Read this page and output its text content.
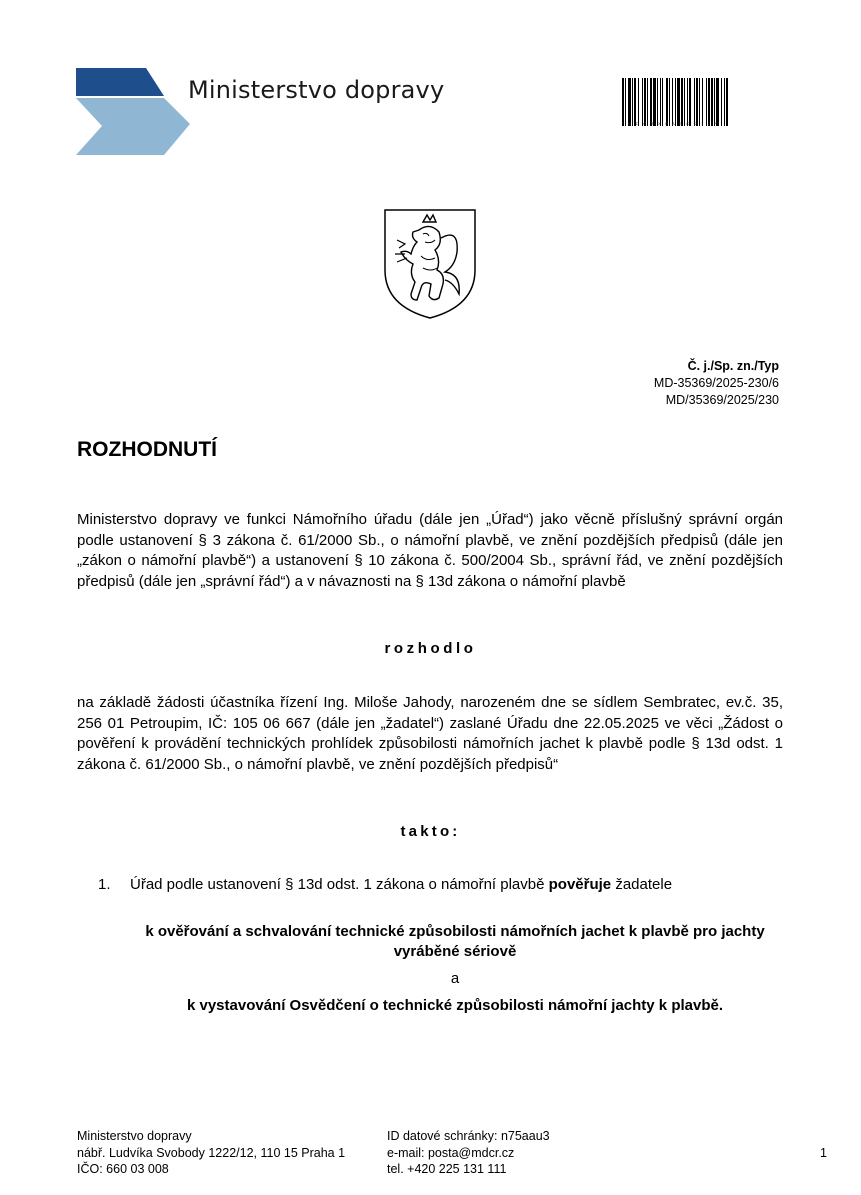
Ministerstvo dopravy
*MDCRX0ABCD12*
Č. j./Sp. zn./Typ
MD-35369/2025-230/6
MD/35369/2025/230
ROZHODNUTÍ
Ministerstvo dopravy ve funkci Námořního úřadu (dále jen „Úřad“) jako věcně příslušný správní orgán podle ustanovení § 3 zákona č. 61/2000 Sb., o námořní plavbě, ve znění pozdějších předpisů (dále jen „zákon o námořní plavbě“) a ustanovení § 10 zákona č. 500/2004 Sb., správní řád, ve znění pozdějších předpisů (dále jen „správní řád“) a v návaznosti na § 13d zákona o námořní plavbě
rozhodlo
na základě žádosti účastníka řízení Ing. Miloše Jahody, narozeném dne se sídlem Sembratec, ev.č. 35, 256 01 Petroupim, IČ: 105 06 667 (dále jen „žadatel“) zaslané Úřadu dne 22.05.2025 ve věci „Žádost o pověření k provádění technických prohlídek způsobilosti námořních jachet k plavbě podle § 13d odst. 1 zákona č. 61/2000 Sb., o námořní plavbě, ve znění pozdějších předpisů“
takto:
1. Úřad podle ustanovení § 13d odst. 1 zákona o námořní plavbě pověřuje žadatele
k ověřování a schvalování technické způsobilosti námořních jachet k plavbě pro jachty vyráběné sériově
a
k vystavování Osvědčení o technické způsobilosti námořní jachty k plavbě.
Ministerstvo dopravy
nábř. Ludvíka Svobody 1222/12, 110 15 Praha 1
IČO: 660 03 008
ID datové schránky: n75aau3
e-mail: posta@mdcr.cz
tel. +420 225 131 111
1
